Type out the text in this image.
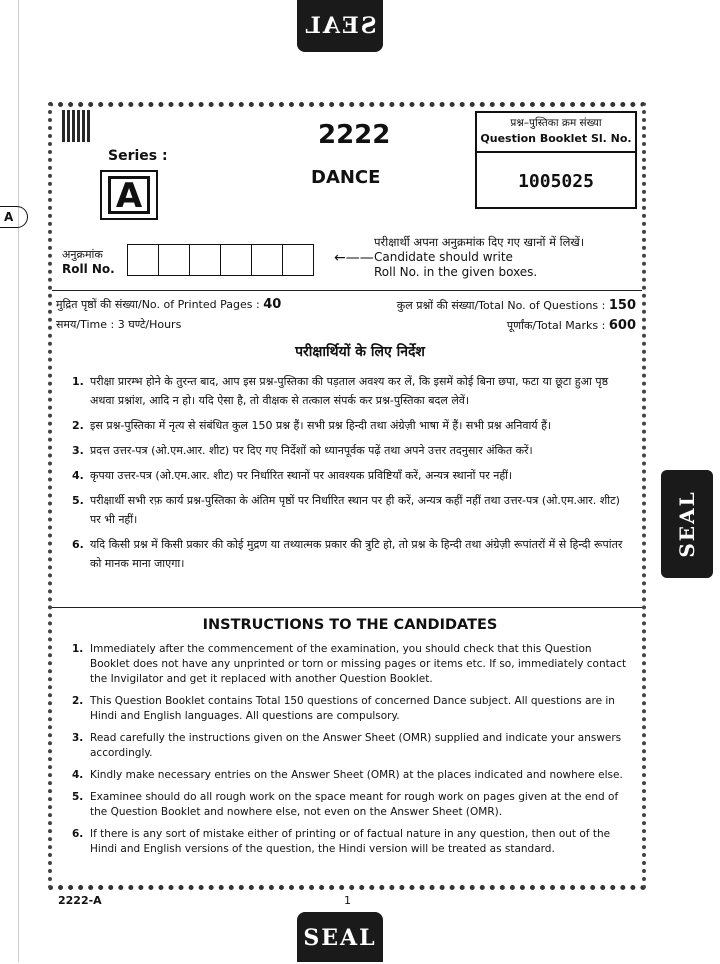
SEAL
SEAL
SEAL
A
Series :
A
2222
DANCE
प्रश्न–पुस्तिका क्रम संख्या
Question Booklet Sl. No.
1005025
अनुक्रमांक
Roll No.
←——
परीक्षार्थी अपना अनुक्रमांक दिए गए खानों में लिखें।
Candidate should write
Roll No. in the given boxes.
मुद्रित पृष्ठों की संख्या/No. of Printed Pages : 40	कुल प्रश्नों की संख्या/Total No. of Questions : 150
समय/Time : 3 घण्टे/Hours	पूर्णांक/Total Marks : 600
परीक्षार्थियों के लिए निर्देश
1. परीक्षा प्रारम्भ होने के तुरन्त बाद, आप इस प्रश्न-पुस्तिका की पड़ताल अवश्य कर लें, कि इसमें कोई बिना छपा, फटा या छूटा हुआ पृष्ठ अथवा प्रश्नांश, आदि न हो। यदि ऐसा है, तो वीक्षक से तत्काल संपर्क कर प्रश्न-पुस्तिका बदल लेवें।
2. इस प्रश्न-पुस्तिका में नृत्य से संबंधित कुल 150 प्रश्न हैं। सभी प्रश्न हिन्दी तथा अंग्रेज़ी भाषा में हैं। सभी प्रश्न अनिवार्य हैं।
3. प्रदत्त उत्तर-पत्र (ओ.एम.आर. शीट) पर दिए गए निर्देशों को ध्यानपूर्वक पढ़ें तथा अपने उत्तर तदनुसार अंकित करें।
4. कृपया उत्तर-पत्र (ओ.एम.आर. शीट) पर निर्धारित स्थानों पर आवश्यक प्रविष्टियाँ करें, अन्यत्र स्थानों पर नहीं।
5. परीक्षार्थी सभी रफ़ कार्य प्रश्न-पुस्तिका के अंतिम पृष्ठों पर निर्धारित स्थान पर ही करें, अन्यत्र कहीं नहीं तथा उत्तर-पत्र (ओ.एम.आर. शीट) पर भी नहीं।
6. यदि किसी प्रश्न में किसी प्रकार की कोई मुद्रण या तथ्यात्मक प्रकार की त्रुटि हो, तो प्रश्न के हिन्दी तथा अंग्रेज़ी रूपांतरों में से हिन्दी रूपांतर को मानक माना जाएगा।
INSTRUCTIONS TO THE CANDIDATES
1. Immediately after the commencement of the examination, you should check that this Question Booklet does not have any unprinted or torn or missing pages or items etc. If so, immediately contact the Invigilator and get it replaced with another Question Booklet.
2. This Question Booklet contains Total 150 questions of concerned Dance subject. All questions are in Hindi and English languages. All questions are compulsory.
3. Read carefully the instructions given on the Answer Sheet (OMR) supplied and indicate your answers accordingly.
4. Kindly make necessary entries on the Answer Sheet (OMR) at the places indicated and nowhere else.
5. Examinee should do all rough work on the space meant for rough work on pages given at the end of the Question Booklet and nowhere else, not even on the Answer Sheet (OMR).
6. If there is any sort of mistake either of printing or of factual nature in any question, then out of the Hindi and English versions of the question, the Hindi version will be treated as standard.
2222-A	1
